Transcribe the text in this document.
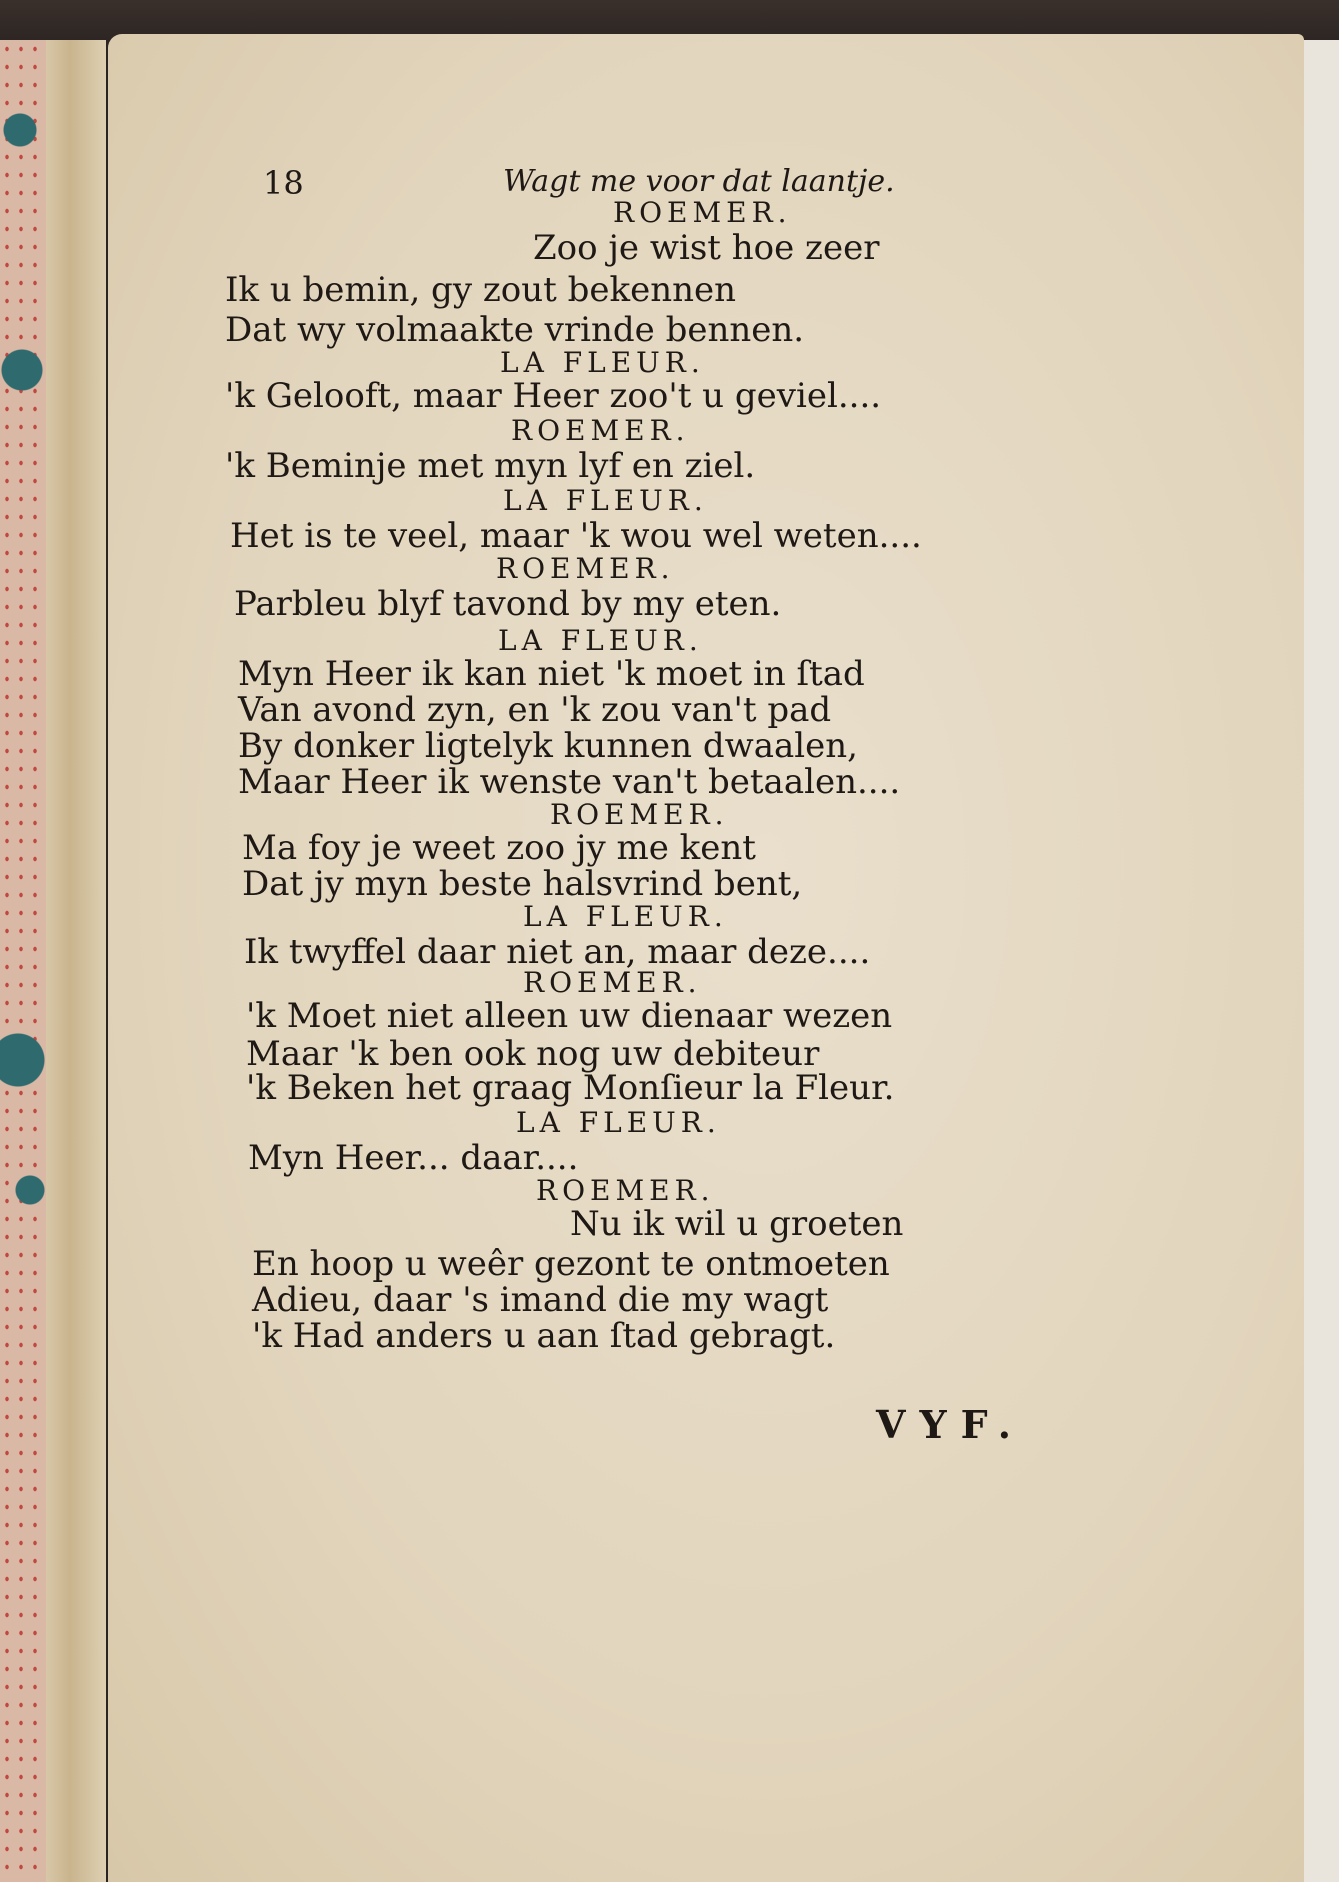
18	Wagt me voor dat laantje.
ROEMER.
Zoo je wist hoe zeer
Ik u bemin, gy zout bekennen
Dat wy volmaakte vrinde bennen.
LA FLEUR.
'k Gelooft, maar Heer zoo't u geviel....
ROEMER.
'k Beminje met myn lyf en ziel.
LA FLEUR.
Het is te veel, maar 'k wou wel weten....
ROEMER.
Parbleu blyf tavond by my eten.
LA FLEUR.
Myn Heer ik kan niet 'k moet in ſtad
Van avond zyn, en 'k zou van't pad
By donker ligtelyk kunnen dwaalen,
Maar Heer ik wenste van't betaalen....
ROEMER.
Ma foy je weet zoo jy me kent
Dat jy myn beste halsvrind bent,
LA FLEUR.
Ik twyffel daar niet an, maar deze....
ROEMER.
'k Moet niet alleen uw dienaar wezen
Maar 'k ben ook nog uw debiteur
'k Beken het graag Monſieur la Fleur.
LA FLEUR.
Myn Heer... daar....
ROEMER.
Nu ik wil u groeten
En hoop u weêr gezont te ontmoeten
Adieu, daar 's imand die my wagt
'k Had anders u aan ſtad gebragt.
VYF.
